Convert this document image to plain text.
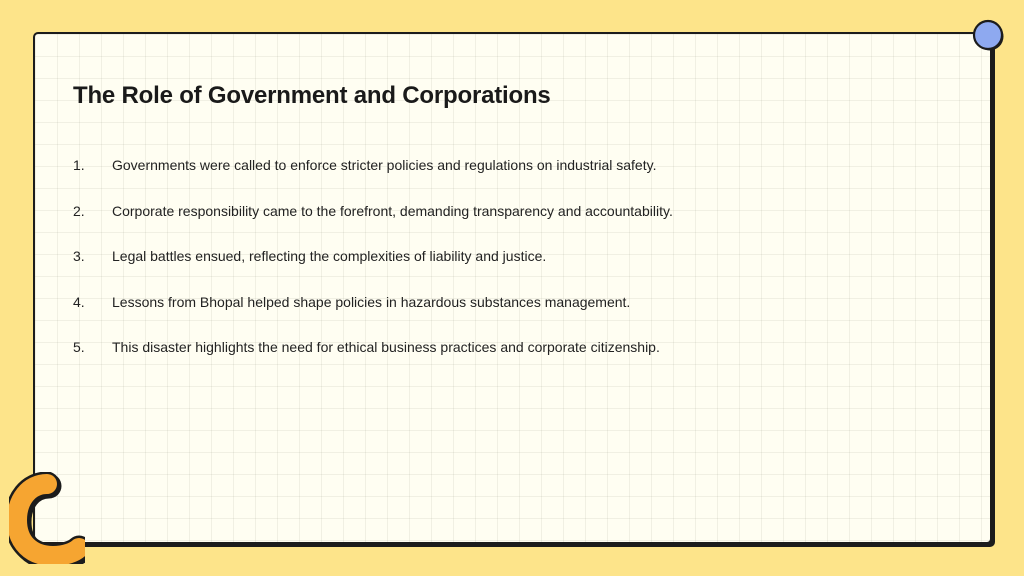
The Role of Government and Corporations
1.	Governments were called to enforce stricter policies and regulations on industrial safety.
2.	Corporate responsibility came to the forefront, demanding transparency and accountability.
3.	Legal battles ensued, reflecting the complexities of liability and justice.
4.	Lessons from Bhopal helped shape policies in hazardous substances management.
5.	This disaster highlights the need for ethical business practices and corporate citizenship.
